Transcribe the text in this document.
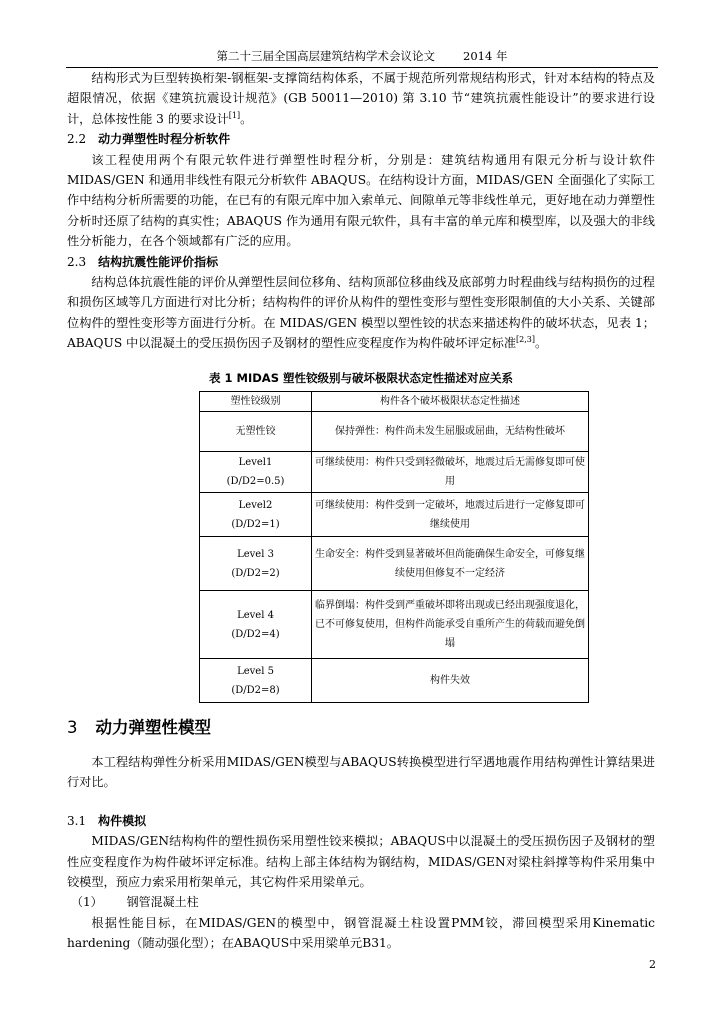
第二十三届全国高层建筑结构学术会议论文 2014 年

结构形式为巨型转换桁架-钢框架-支撑筒结构体系，不属于规范所列常规结构形式，针对本结构的特点及超限情况，依据《建筑抗震设计规范》(GB 50011—2010) 第 3.10 节“建筑抗震性能设计”的要求进行设计，总体按性能 3 的要求设计[1]。

2.2 动力弹塑性时程分析软件

该工程使用两个有限元软件进行弹塑性时程分析，分别是：建筑结构通用有限元分析与设计软件 MIDAS/GEN 和通用非线性有限元分析软件 ABAQUS。在结构设计方面，MIDAS/GEN 全面强化了实际工作中结构分析所需要的功能，在已有的有限元库中加入索单元、间隙单元等非线性单元，更好地在动力弹塑性分析时还原了结构的真实性；ABAQUS 作为通用有限元软件，具有丰富的单元库和模型库，以及强大的非线性分析能力，在各个领域都有广泛的应用。

2.3 结构抗震性能评价指标

结构总体抗震性能的评价从弹塑性层间位移角、结构顶部位移曲线及底部剪力时程曲线与结构损伤的过程和损伤区域等几方面进行对比分析；结构构件的评价从构件的塑性变形与塑性变形限制值的大小关系、关键部位构件的塑性变形等方面进行分析。在 MIDAS/GEN 模型以塑性铰的状态来描述构件的破坏状态，见表 1；ABAQUS 中以混凝土的受压损伤因子及钢材的塑性应变程度作为构件破坏评定标准[2,3]。

表 1 MIDAS 塑性铰级别与破坏极限状态定性描述对应关系
塑性铰级别	构件各个破坏极限状态定性描述
无塑性铰	保持弹性：构件尚未发生屈服或屈曲，无结构性破坏
Level1
(D/D2=0.5)	可继续使用：构件只受到轻微破坏，地震过后无需修复即可使用
Level2
(D/D2=1)	可继续使用：构件受到一定破坏，地震过后进行一定修复即可继续使用
Level 3
(D/D2=2)	生命安全：构件受到显著破坏但尚能确保生命安全，可修复继续使用但修复不一定经济
Level 4
(D/D2=4)	临界倒塌：构件受到严重破坏即将出现或已经出现强度退化，已不可修复使用，但构件尚能承受自重所产生的荷载而避免倒塌
Level 5
(D/D2=8)	构件失效
3 动力弹塑性模型

本工程结构弹性分析采用MIDAS/GEN模型与ABAQUS转换模型进行罕遇地震作用结构弹性计算结果进行对比。

3.1 构件模拟

MIDAS/GEN结构构件的塑性损伤采用塑性铰来模拟；ABAQUS中以混凝土的受压损伤因子及钢材的塑性应变程度作为构件破坏评定标准。结构上部主体结构为钢结构，MIDAS/GEN对梁柱斜撑等构件采用集中铰模型，预应力索采用桁架单元，其它构件采用梁单元。

（1） 钢管混凝土柱

根据性能目标，在MIDAS/GEN的模型中，钢管混凝土柱设置PMM铰，滞回模型采用Kinematic hardening（随动强化型）；在ABAQUS中采用梁单元B31。

2
